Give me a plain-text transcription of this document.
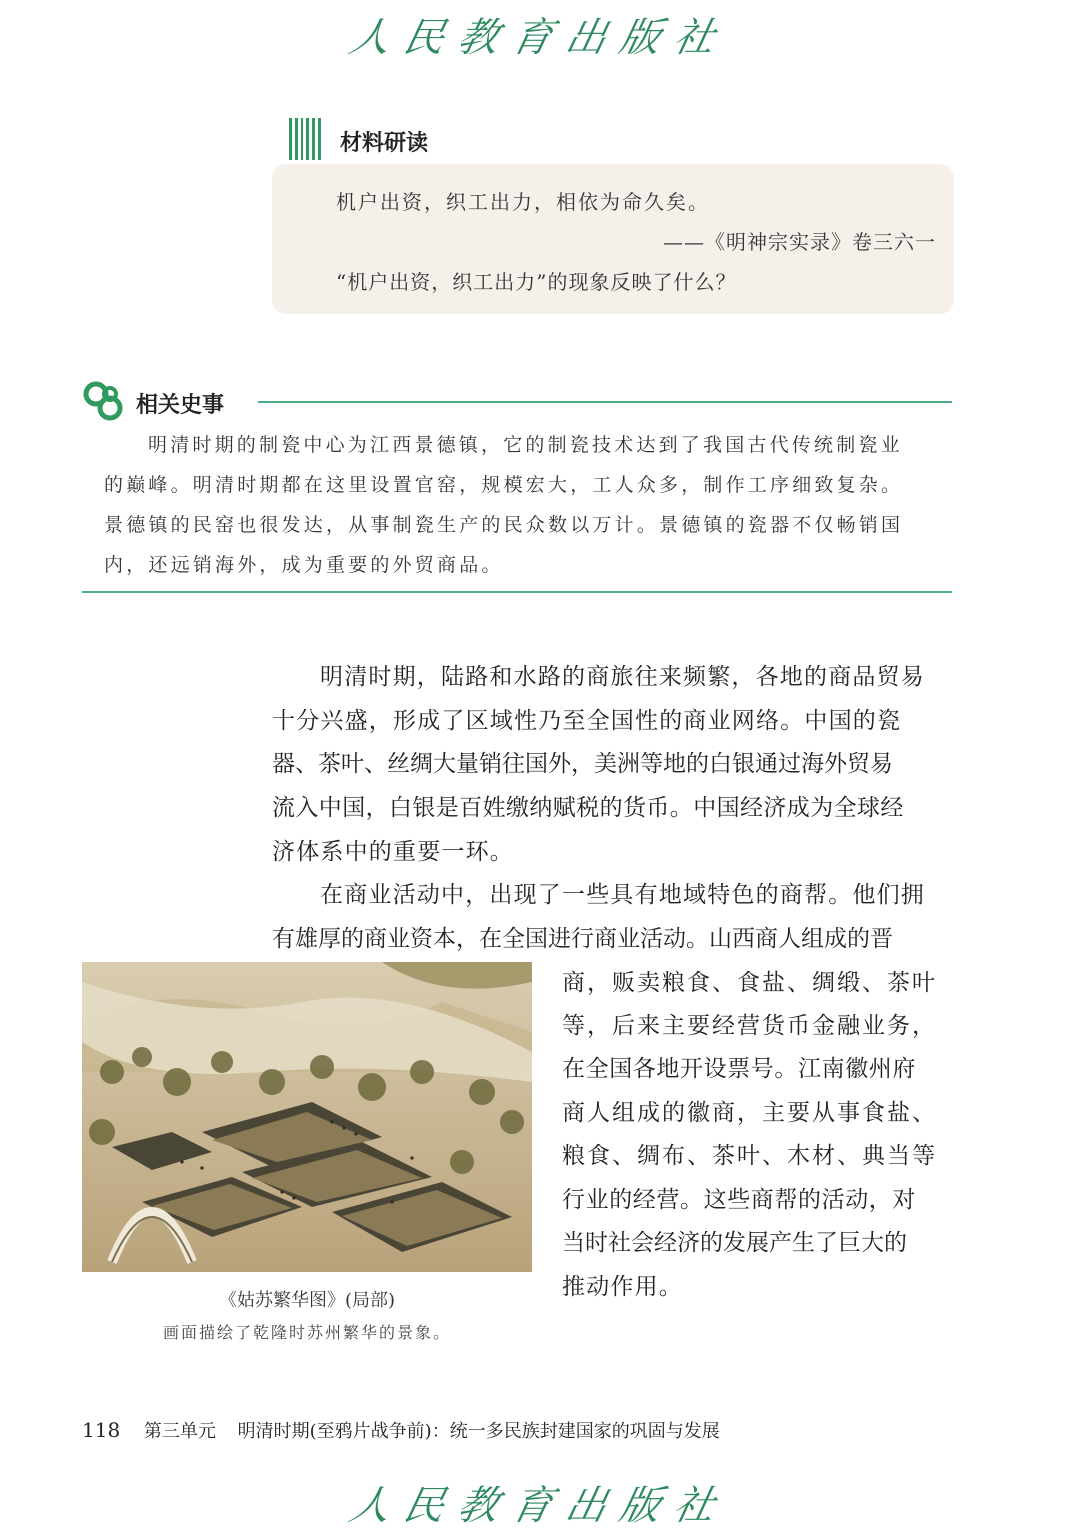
人民教育出版社
材料研读
机户出资，织工出力，相依为命久矣。
——《明神宗实录》卷三六一
“机户出资，织工出力”的现象反映了什么？
相关史事
明清时期的制瓷中心为江西景德镇，它的制瓷技术达到了我国古代传统制瓷业
的巅峰。明清时期都在这里设置官窑，规模宏大，工人众多，制作工序细致复杂。
景德镇的民窑也很发达，从事制瓷生产的民众数以万计。景德镇的瓷器不仅畅销国
内，还远销海外，成为重要的外贸商品。
明清时期，陆路和水路的商旅往来频繁，各地的商品贸易
十分兴盛，形成了区域性乃至全国性的商业网络。中国的瓷
器、茶叶、丝绸大量销往国外，美洲等地的白银通过海外贸易
流入中国，白银是百姓缴纳赋税的货币。中国经济成为全球经
济体系中的重要一环。
在商业活动中，出现了一些具有地域特色的商帮。他们拥
有雄厚的商业资本，在全国进行商业活动。山西商人组成的晋
商，贩卖粮食、食盐、绸缎、茶叶
等，后来主要经营货币金融业务，
在全国各地开设票号。江南徽州府
商人组成的徽商，主要从事食盐、
粮食、绸布、茶叶、木材、典当等
行业的经营。这些商帮的活动，对
当时社会经济的发展产生了巨大的
推动作用。
《姑苏繁华图》(局部)
画面描绘了乾隆时苏州繁华的景象。
118 第三单元 明清时期(至鸦片战争前)：统一多民族封建国家的巩固与发展
人民教育出版社
